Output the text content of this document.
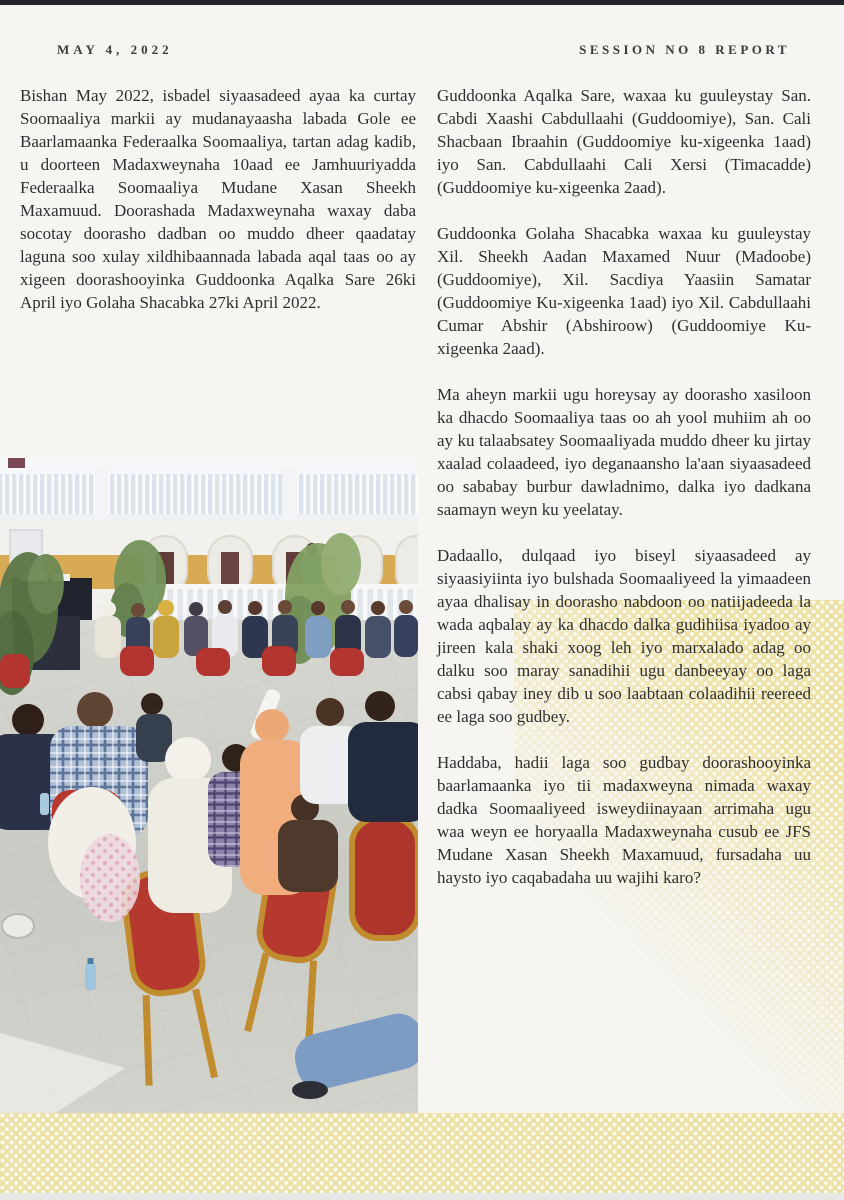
MAY 4, 2022	SESSION NO 8 REPORT

Bishan May 2022, isbadel siyaasadeed ayaa ka curtay Soomaaliya markii ay mudanayaasha labada Gole ee Baarlamaanka Federaalka Soomaaliya, tartan adag kadib, u doorteen Madaxweynaha 10aad ee Jamhuuriyadda Federaalka Soomaaliya Mudane Xasan Sheekh Maxamuud. Doorashada Madaxweynaha waxay daba socotay doorasho dadban oo muddo dheer qaadatay laguna soo xulay xildhibaannada labada aqal taas oo ay xigeen doorashooyinka Guddoonka Aqalka Sare 26ki April iyo Golaha Shacabka 27ki April 2022.

Guddoonka Aqalka Sare, waxaa ku guuleystay San. Cabdi Xaashi Cabdullaahi (Guddoomiye), San. Cali Shacbaan Ibraahin (Guddoomiye ku-xigeenka 1aad) iyo San. Cabdullaahi Cali Xersi (Timacadde) (Guddoomiye ku-xigeenka 2aad).

Guddoonka Golaha Shacabka waxaa ku guuleystay Xil. Sheekh Aadan Maxamed Nuur (Madoobe) (Guddoomiye), Xil. Sacdiya Yaasiin Samatar (Guddoomiye Ku-xigeenka 1aad) iyo Xil. Cabdullaahi Cumar Abshir (Abshiroow) (Guddoomiye Ku-xigeenka 2aad).

Ma aheyn markii ugu horeysay ay doorasho xasiloon ka dhacdo Soomaaliya taas oo ah yool muhiim ah oo ay ku talaabsatey Soomaaliyada muddo dheer ku jirtay xaalad colaadeed, iyo deganaansho la'aan siyaasadeed oo sababay burbur dawladnimo, dalka iyo dadkana saamayn weyn ku yeelatay.

Dadaallo, dulqaad iyo biseyl siyaasadeed ay siyaasiyiinta iyo bulshada Soomaaliyeed la yimaadeen ayaa dhalisay in doorasho nabdoon oo natiijadeeda la wada aqbalay ay ka dhacdo dalka gudihiisa iyadoo ay jireen kala shaki xoog leh iyo marxalado adag oo dalku soo maray sanadihii ugu danbeeyay oo laga cabsi qabay iney dib u soo laabtaan colaadihii reereed ee laga soo gudbey.

Haddaba, hadii laga soo gudbay doorashooyinka baarlamaanka iyo tii madaxweyna nimada waxay dadka Soomaaliyeed isweydiinayaan arrimaha ugu waa weyn ee horyaalla Madaxweynaha cusub ee JFS Mudane Xasan Sheekh Maxamuud, fursadaha uu haysto iyo caqabadaha uu wajihi karo?
